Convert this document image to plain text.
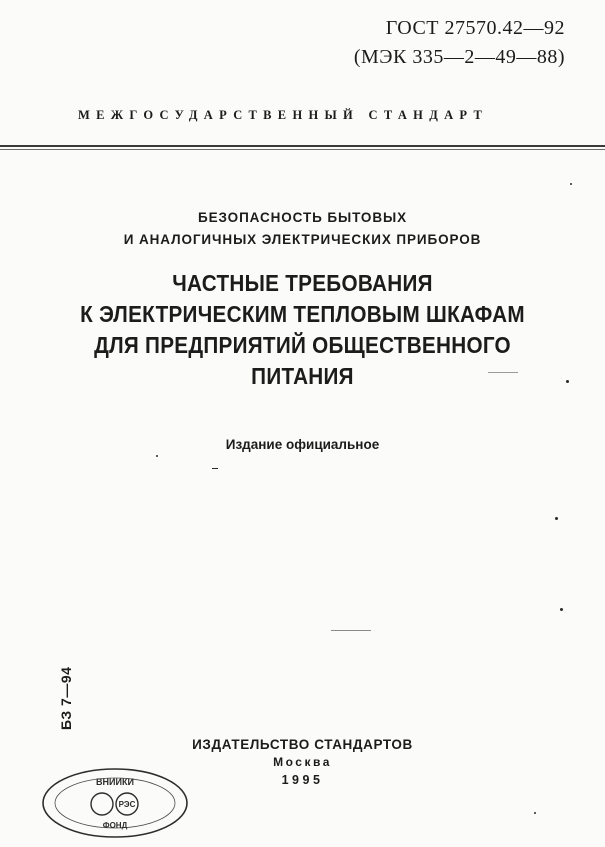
ГОСТ 27570.42—92
(МЭК 335—2—49—88)
МЕЖГОСУДАРСТВЕННЫЙ СТАНДАРТ
БЕЗОПАСНОСТЬ БЫТОВЫХ
И АНАЛОГИЧНЫХ ЭЛЕКТРИЧЕСКИХ ПРИБОРОВ
ЧАСТНЫЕ ТРЕБОВАНИЯ
К ЭЛЕКТРИЧЕСКИМ ТЕПЛОВЫМ ШКАФАМ
ДЛЯ ПРЕДПРИЯТИЙ ОБЩЕСТВЕННОГО
ПИТАНИЯ
Издание официальное
БЗ 7—94
ИЗДАТЕЛЬСТВО СТАНДАРТОВ
Москва
1995
ВНИИКИ
РЭС
ФОНД
